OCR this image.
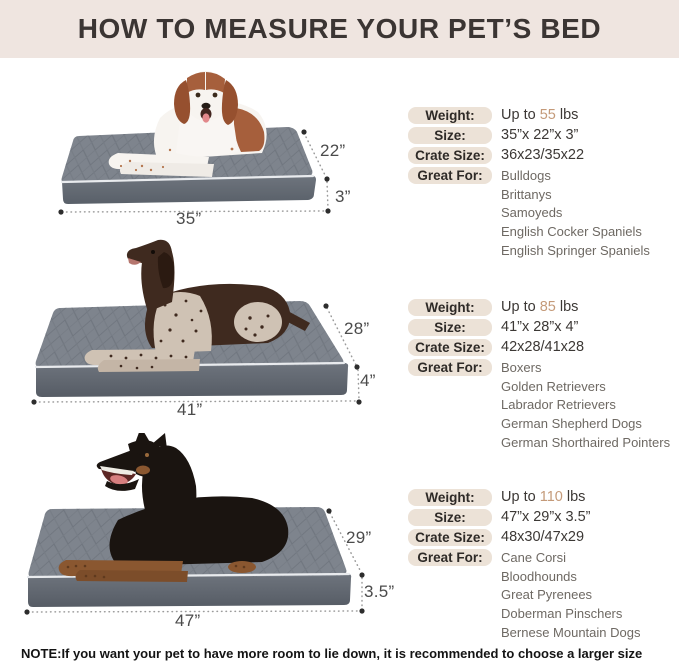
HOW TO MEASURE YOUR PET’S BED
22”
3”
35”
Weight:	Up to 55 lbs
Size:	35”x 22”x 3”
Crate Size:	36x23/35x22
Great For:	Bulldogs
Brittanys
Samoyeds
English Cocker Spaniels
English Springer Spaniels
28”
4”
41”
Weight:	Up to 85 lbs
Size:	41”x 28”x 4”
Crate Size:	42x28/41x28
Great For:	Boxers
Golden Retrievers
Labrador Retrievers
German Shepherd Dogs
German Shorthaired Pointers
29”
3.5”
47”
Weight:	Up to 110 lbs
Size:	47”x 29”x 3.5”
Crate Size:	48x30/47x29
Great For:	Cane Corsi
Bloodhounds
Great Pyrenees
Doberman Pinschers
Bernese Mountain Dogs
NOTE:If you want your pet to have more room to lie down, it is recommended to choose a larger size
